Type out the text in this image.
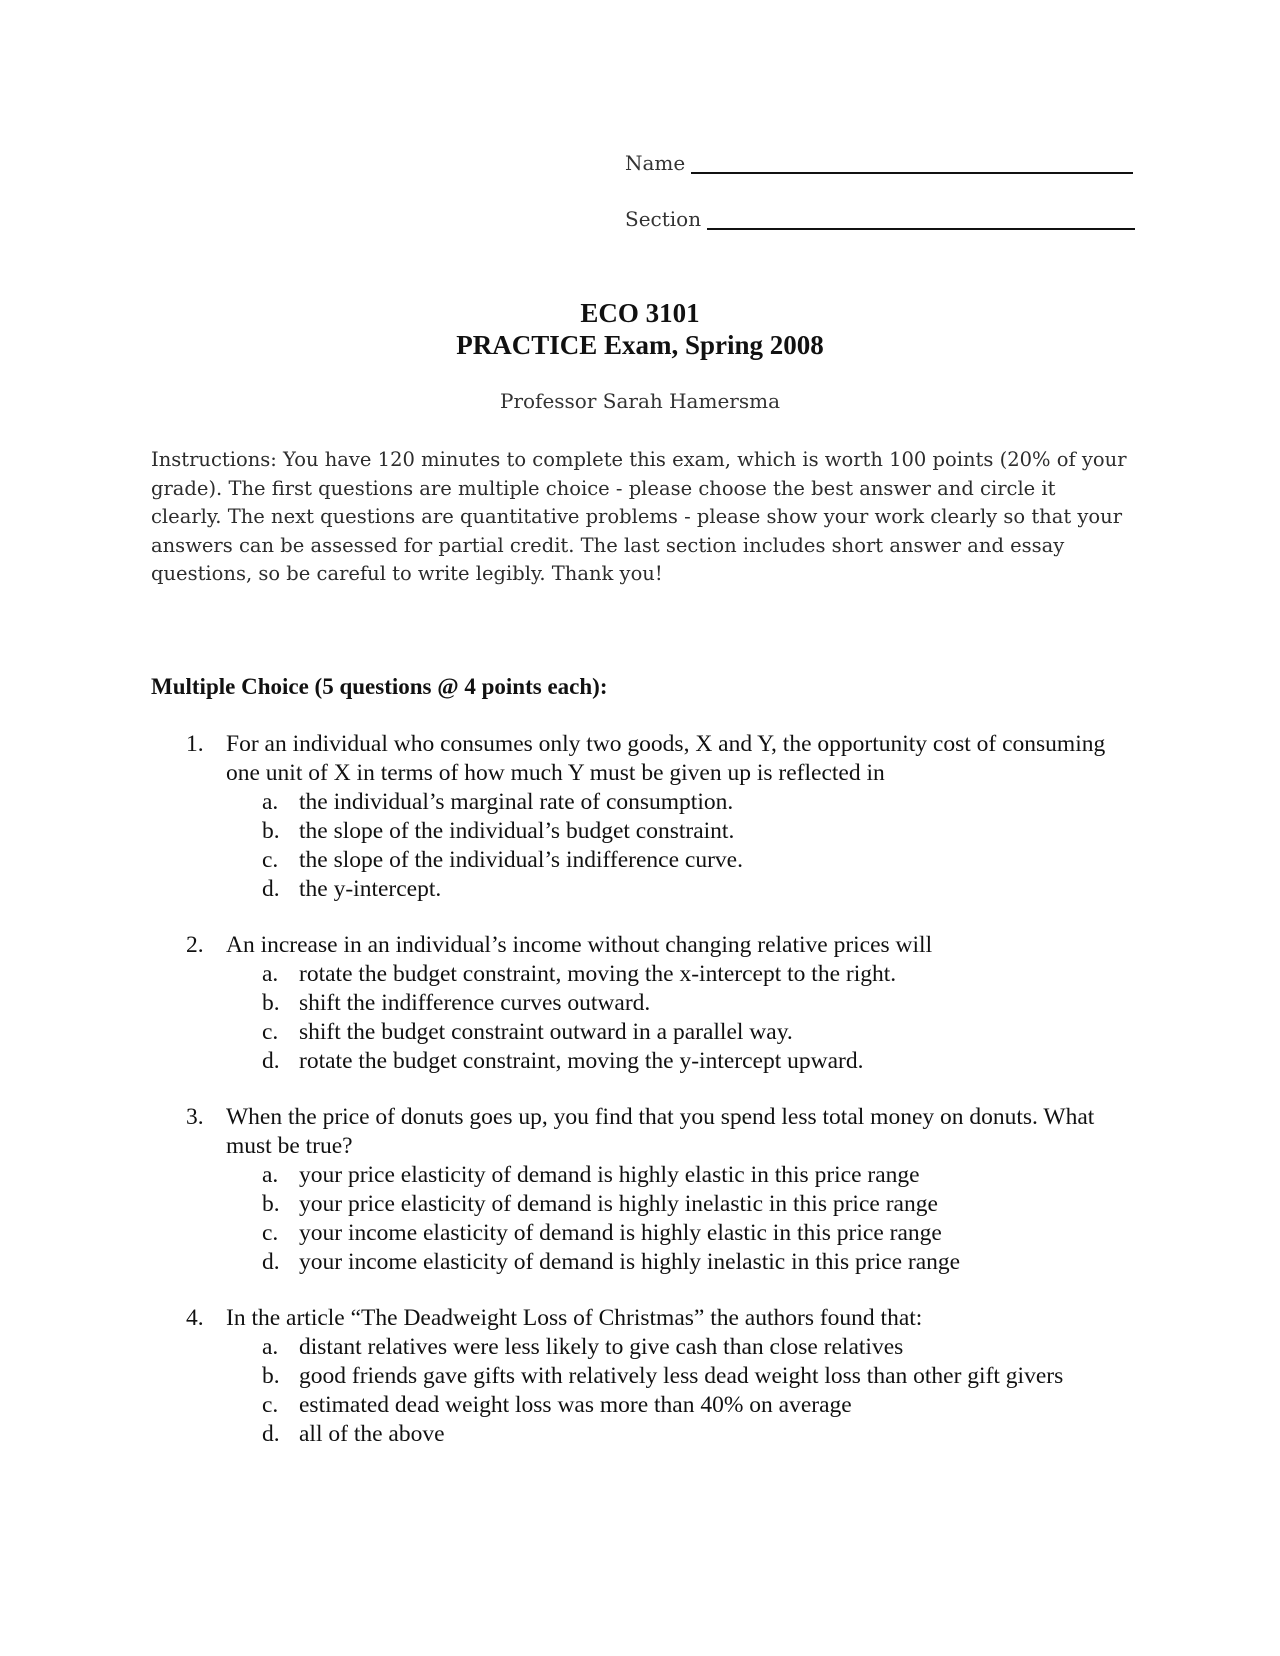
Name
Section
ECO 3101
PRACTICE Exam, Spring 2008
Professor Sarah Hamersma
Instructions: You have 120 minutes to complete this exam, which is worth 100 points (20% of your grade). The first questions are multiple choice - please choose the best answer and circle it clearly. The next questions are quantitative problems - please show your work clearly so that your answers can be assessed for partial credit. The last section includes short answer and essay questions, so be careful to write legibly. Thank you!
Multiple Choice (5 questions @ 4 points each):
1. For an individual who consumes only two goods, X and Y, the opportunity cost of consuming one unit of X in terms of how much Y must be given up is reflected in
a. the individual’s marginal rate of consumption.
b. the slope of the individual’s budget constraint.
c. the slope of the individual’s indifference curve.
d. the y-intercept.
2. An increase in an individual’s income without changing relative prices will
a. rotate the budget constraint, moving the x-intercept to the right.
b. shift the indifference curves outward.
c. shift the budget constraint outward in a parallel way.
d. rotate the budget constraint, moving the y-intercept upward.
3. When the price of donuts goes up, you find that you spend less total money on donuts. What must be true?
a. your price elasticity of demand is highly elastic in this price range
b. your price elasticity of demand is highly inelastic in this price range
c. your income elasticity of demand is highly elastic in this price range
d. your income elasticity of demand is highly inelastic in this price range
4. In the article “The Deadweight Loss of Christmas” the authors found that:
a. distant relatives were less likely to give cash than close relatives
b. good friends gave gifts with relatively less dead weight loss than other gift givers
c. estimated dead weight loss was more than 40% on average
d. all of the above
